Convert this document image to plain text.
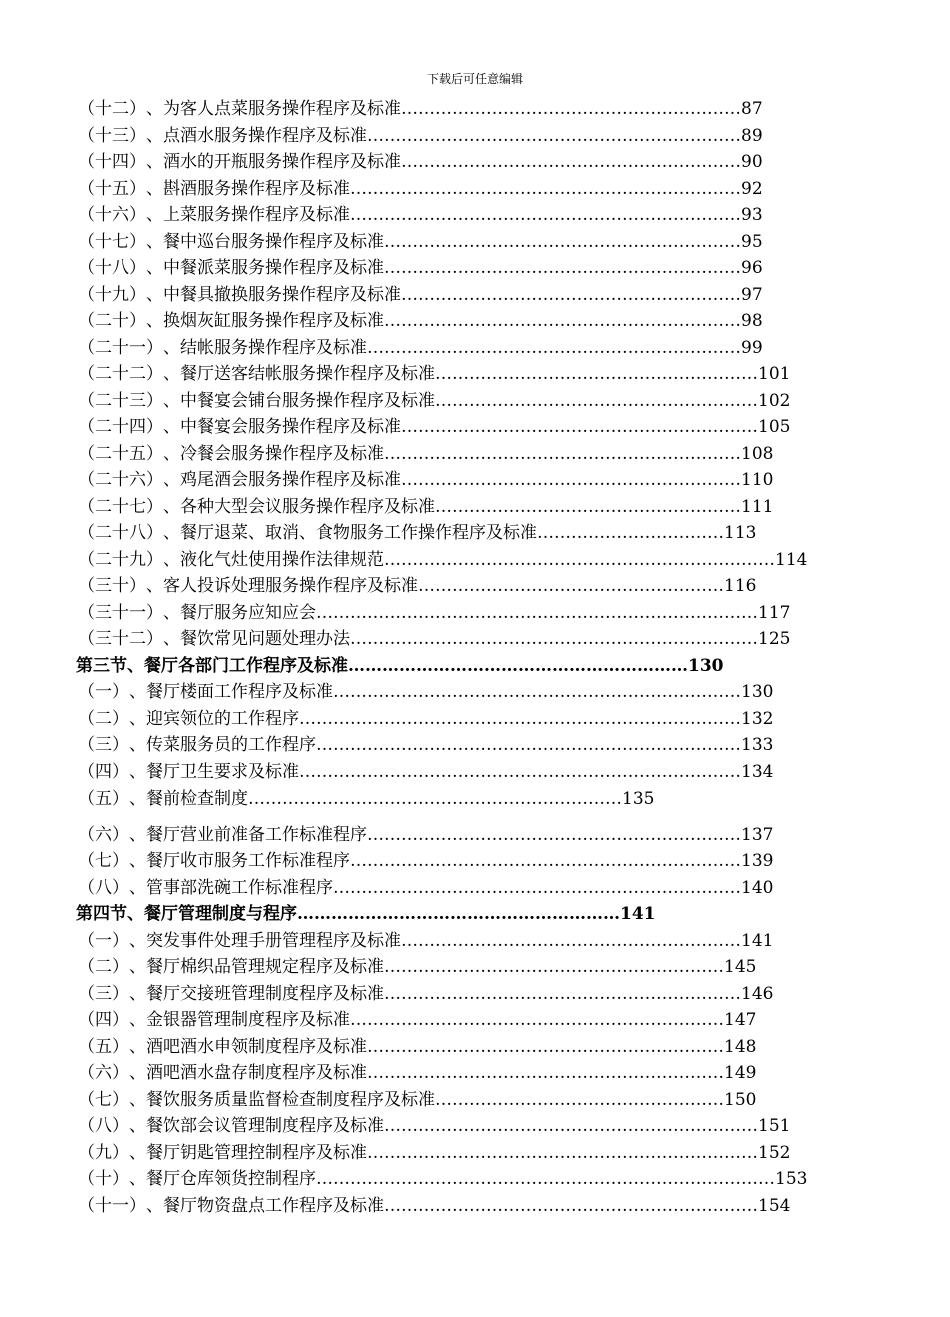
下载后可任意编辑
（十二）、为客人点菜服务操作程序及标准……………………………………………………87
（十三）、点酒水服务操作程序及标准…………………………………………………………89
（十四）、酒水的开瓶服务操作程序及标准……………………………………………………90
（十五）、斟酒服务操作程序及标准……………………………………………………………92
（十六）、上菜服务操作程序及标准……………………………………………………………93
（十七）、餐中巡台服务操作程序及标准………………………………………………………95
（十八）、中餐派菜服务操作程序及标准………………………………………………………96
（十九）、中餐具撤换服务操作程序及标准……………………………………………………97
（二十）、换烟灰缸服务操作程序及标准………………………………………………………98
（二十一）、结帐服务操作程序及标准…………………………………………………………99
（二十二）、餐厅送客结帐服务操作程序及标准…………………………………………………101
（二十三）、中餐宴会铺台服务操作程序及标准…………………………………………………102
（二十四）、中餐宴会服务操作程序及标准………………………………………………………105
（二十五）、冷餐会服务操作程序及标准………………………………………………………108
（二十六）、鸡尾酒会服务操作程序及标准……………………………………………………110
（二十七）、各种大型会议服务操作程序及标准………………………………………………111
（二十八）、餐厅退菜、取消、食物服务工作操作程序及标准……………………………113
（二十九）、液化气灶使用操作法律规范……………………………………………………………114
（三十）、客人投诉处理服务操作程序及标准………………………………………………116
（三十一）、餐厅服务应知应会……………………………………………………………………117
（三十二）、餐饮常见问题处理办法………………………………………………………………125
第三节、餐厅各部门工作程序及标准……………………………………………………130
（一）、餐厅楼面工作程序及标准………………………………………………………………130
（二）、迎宾领位的工作程序……………………………………………………………………132
（三）、传菜服务员的工作程序…………………………………………………………………133
（四）、餐厅卫生要求及标准……………………………………………………………………134
（五）、餐前检查制度…………………………………………………………135
（六）、餐厅营业前准备工作标准程序…………………………………………………………137
（七）、餐厅收市服务工作标准程序……………………………………………………………139
（八）、管事部洗碗工作标准程序………………………………………………………………140
第四节、餐厅管理制度与程序…………………………………………………141
（一）、突发事件处理手册管理程序及标准……………………………………………………141
（二）、餐厅棉织品管理规定程序及标准……………………………………………………145
（三）、餐厅交接班管理制度程序及标准………………………………………………………146
（四）、金银器管理制度程序及标准…………………………………………………………147
（五）、酒吧酒水申领制度程序及标准………………………………………………………148
（六）、酒吧酒水盘存制度程序及标准………………………………………………………149
（七）、餐饮服务质量监督检查制度程序及标准……………………………………………150
（八）、餐饮部会议管理制度程序及标准…………………………………………………………151
（九）、餐厅钥匙管理控制程序及标准……………………………………………………………152
（十）、餐厅仓库领货控制程序………………………………………………………………………153
（十一）、餐厅物资盘点工作程序及标准…………………………………………………………154
